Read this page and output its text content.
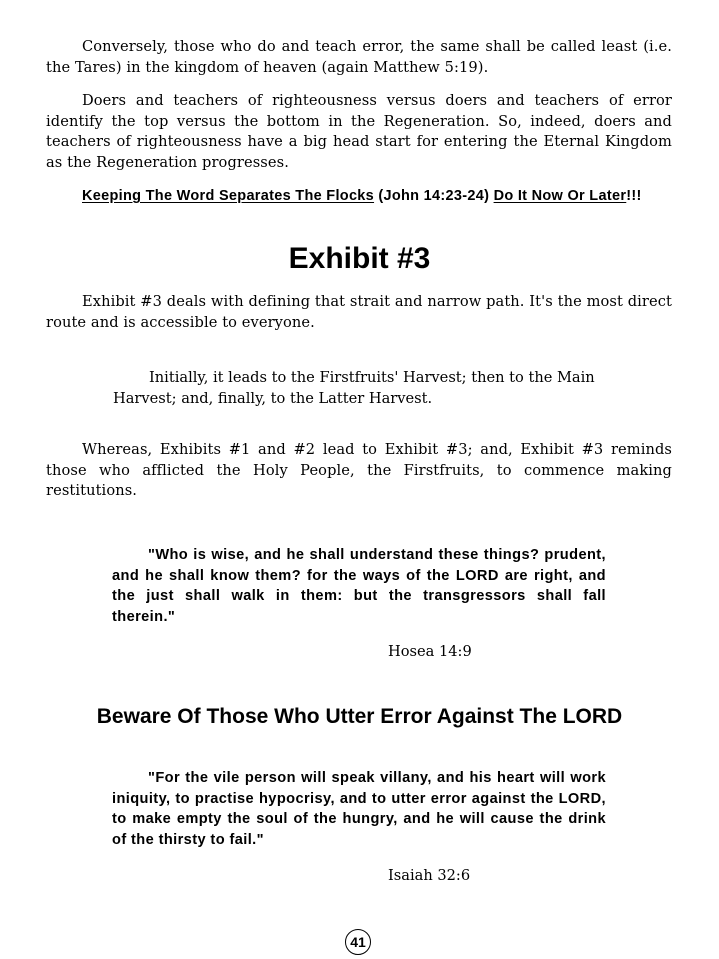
Conversely, those who do and teach error, the same shall be called least (i.e. the Tares) in the kingdom of heaven (again Matthew 5:19).

Doers and teachers of righteousness versus doers and teachers of error identify the top versus the bottom in the Regeneration. So, indeed, doers and teachers of righteousness have a big head start for entering the Eternal Kingdom as the Regeneration progresses.

Keeping The Word Separates The Flocks (John 14:23-24) Do It Now Or Later!!!

Exhibit #3

Exhibit #3 deals with defining that strait and narrow path. It's the most direct route and is accessible to everyone.

Initially, it leads to the Firstfruits' Harvest; then to the Main Harvest; and, finally, to the Latter Harvest.

Whereas, Exhibits #1 and #2 lead to Exhibit #3; and, Exhibit #3 reminds those who afflicted the Holy People, the Firstfruits, to commence making restitutions.

"Who is wise, and he shall understand these things? prudent, and he shall know them? for the ways of the LORD are right, and the just shall walk in them: but the transgressors shall fall therein."

Hosea 14:9

Beware Of Those Who Utter Error Against The LORD

"For the vile person will speak villany, and his heart will work iniquity, to practise hypocrisy, and to utter error against the LORD, to make empty the soul of the hungry, and he will cause the drink of the thirsty to fail."

Isaiah 32:6

41
